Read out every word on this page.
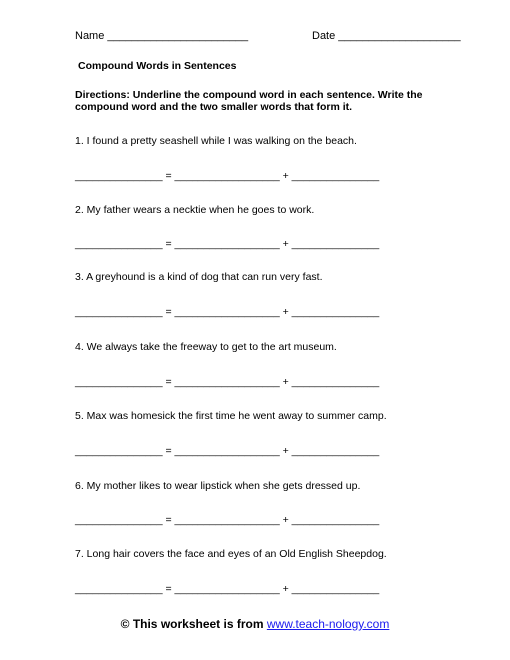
Name _______________________	Date ____________________
Compound Words in Sentences
Directions: Underline the compound word in each sentence. Write the compound word and the two smaller words that form it.
1. I found a pretty seashell while I was walking on the beach.
_______________ = __________________ + _______________
2. My father wears a necktie when he goes to work.
_______________ = __________________ + _______________
3. A greyhound is a kind of dog that can run very fast.
_______________ = __________________ + _______________
4. We always take the freeway to get to the art museum.
_______________ = __________________ + _______________
5. Max was homesick the first time he went away to summer camp.
_______________ = __________________ + _______________
6. My mother likes to wear lipstick when she gets dressed up.
_______________ = __________________ + _______________
7. Long hair covers the face and eyes of an Old English Sheepdog.
_______________ = __________________ + _______________
© This worksheet is from www.teach-nology.com
